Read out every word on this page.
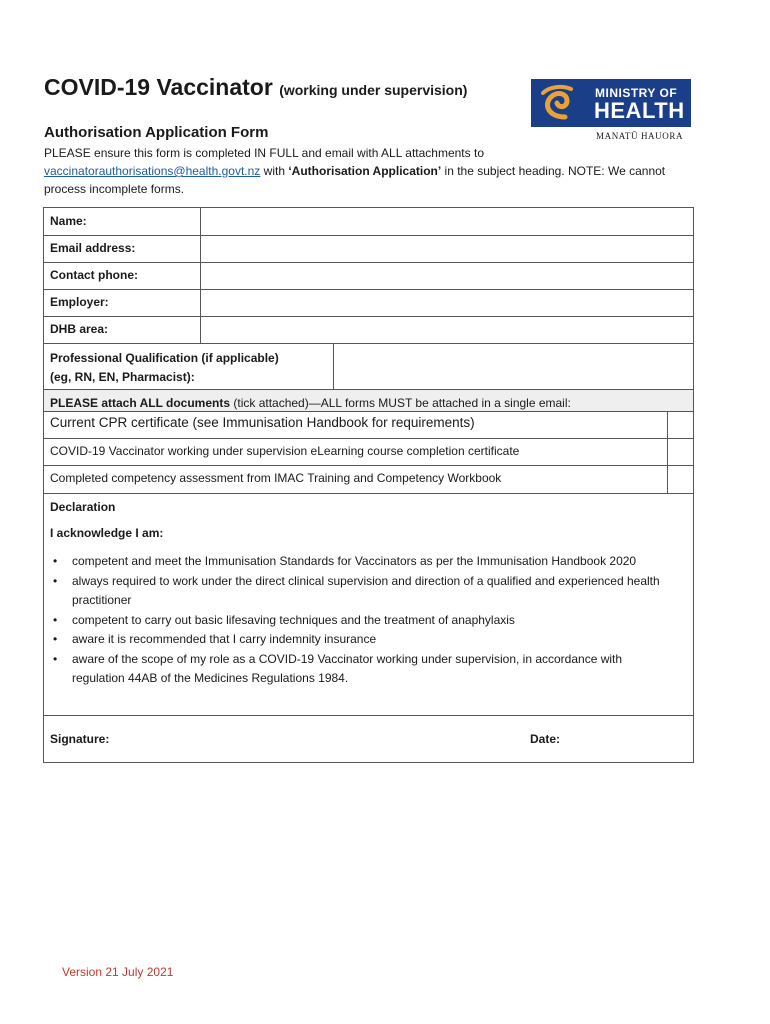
COVID-19 Vaccinator (working under supervision)	MINISTRY OF
HEALTH
MANATŪ HAUORA
Authorisation Application Form
PLEASE ensure this form is completed IN FULL and email with ALL attachments to
vaccinatorauthorisations@health.govt.nz with ‘Authorisation Application’ in the subject heading. NOTE: We cannot process incomplete forms.
Name:
Email address:
Contact phone:
Employer:
DHB area:
Professional Qualification (if applicable)
(eg, RN, EN, Pharmacist):
PLEASE attach ALL documents (tick attached)—ALL forms MUST be attached in a single email:
Current CPR certificate (see Immunisation Handbook for requirements)
COVID-19 Vaccinator working under supervision eLearning course completion certificate
Completed competency assessment from IMAC Training and Competency Workbook
Declaration
I acknowledge I am:
• competent and meet the Immunisation Standards for Vaccinators as per the Immunisation Handbook 2020
• always required to work under the direct clinical supervision and direction of a qualified and experienced health practitioner
• competent to carry out basic lifesaving techniques and the treatment of anaphylaxis
• aware it is recommended that I carry indemnity insurance
• aware of the scope of my role as a COVID-19 Vaccinator working under supervision, in accordance with regulation 44AB of the Medicines Regulations 1984.
Signature:	Date:
Version 21 July 2021
